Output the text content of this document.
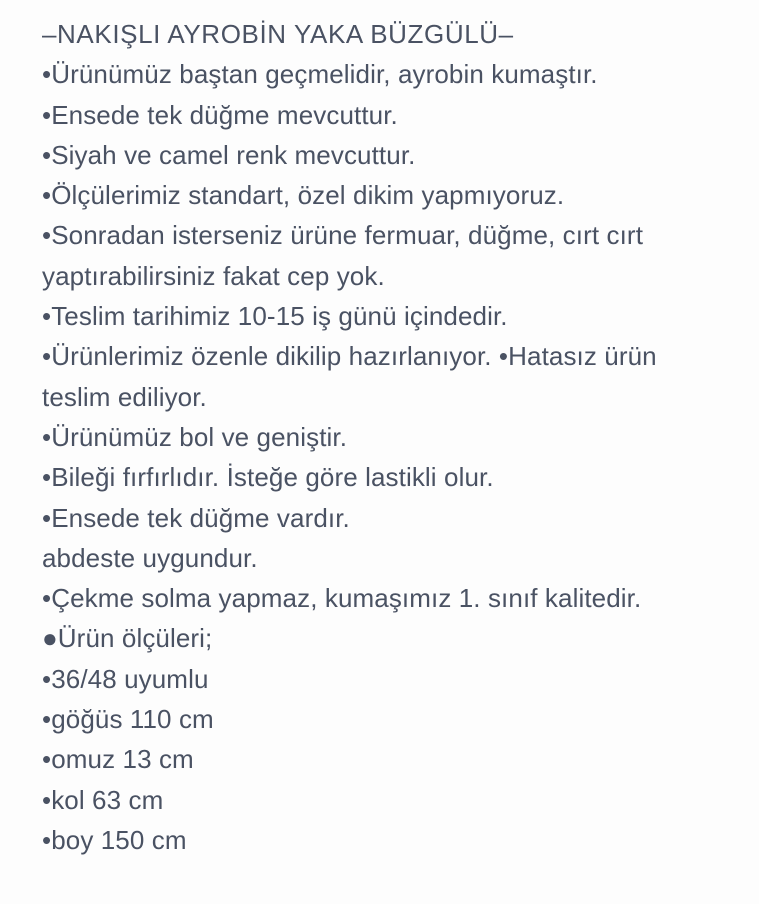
–NAKIŞLI AYROBİN YAKA BÜZGÜLÜ–
•Ürünümüz baştan geçmelidir, ayrobin kumaştır.
•Ensede tek düğme mevcuttur.
•Siyah ve camel renk mevcuttur.
•Ölçülerimiz standart, özel dikim yapmıyoruz.
•Sonradan isterseniz ürüne fermuar, düğme, cırt cırt
yaptırabilirsiniz fakat cep yok.
•Teslim tarihimiz 10-15 iş günü içindedir.
•Ürünlerimiz özenle dikilip hazırlanıyor. •Hatasız ürün
teslim ediliyor.
•Ürünümüz bol ve geniştir.
•Bileği fırfırlıdır. İsteğe göre lastikli olur.
•Ensede tek düğme vardır.
abdeste uygundur.
•Çekme solma yapmaz, kumaşımız 1. sınıf kalitedir.
●Ürün ölçüleri;
•36/48 uyumlu
•göğüs 110 cm
•omuz 13 cm
•kol 63 cm
•boy 150 cm
